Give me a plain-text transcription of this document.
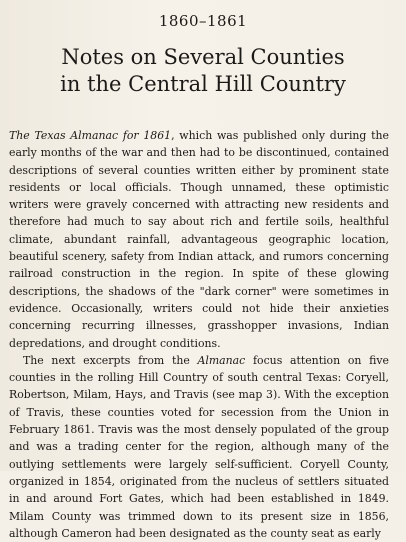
1860–1861
Notes on Several Counties
in the Central Hill Country

The Texas Almanac for 1861, which was published only during the early months of the war and then had to be discontinued, contained descriptions of several counties written either by prominent state residents or local officials. Though unnamed, these optimistic writers were gravely concerned with attracting new residents and therefore had much to say about rich and fertile soils, healthful climate, abundant rainfall, advantageous geographic location, beautiful scenery, safety from Indian attack, and rumors concerning railroad construction in the region. In spite of these glowing descriptions, the shadows of the "dark corner" were sometimes in evidence. Occasionally, writers could not hide their anxieties concerning recurring illnesses, grasshopper invasions, Indian depredations, and drought conditions.

The next excerpts from the Almanac focus attention on five counties in the rolling Hill Country of south central Texas: Coryell, Robertson, Milam, Hays, and Travis (see map 3). With the exception of Travis, these counties voted for secession from the Union in February 1861. Travis was the most densely populated of the group and was a trading center for the region, although many of the outlying settlements were largely self-sufficient. Coryell County, organized in 1854, originated from the nucleus of settlers situated in and around Fort Gates, which had been established in 1849. Milam County was trimmed down to its present size in 1856, although Cameron had been designated as the county seat as early
